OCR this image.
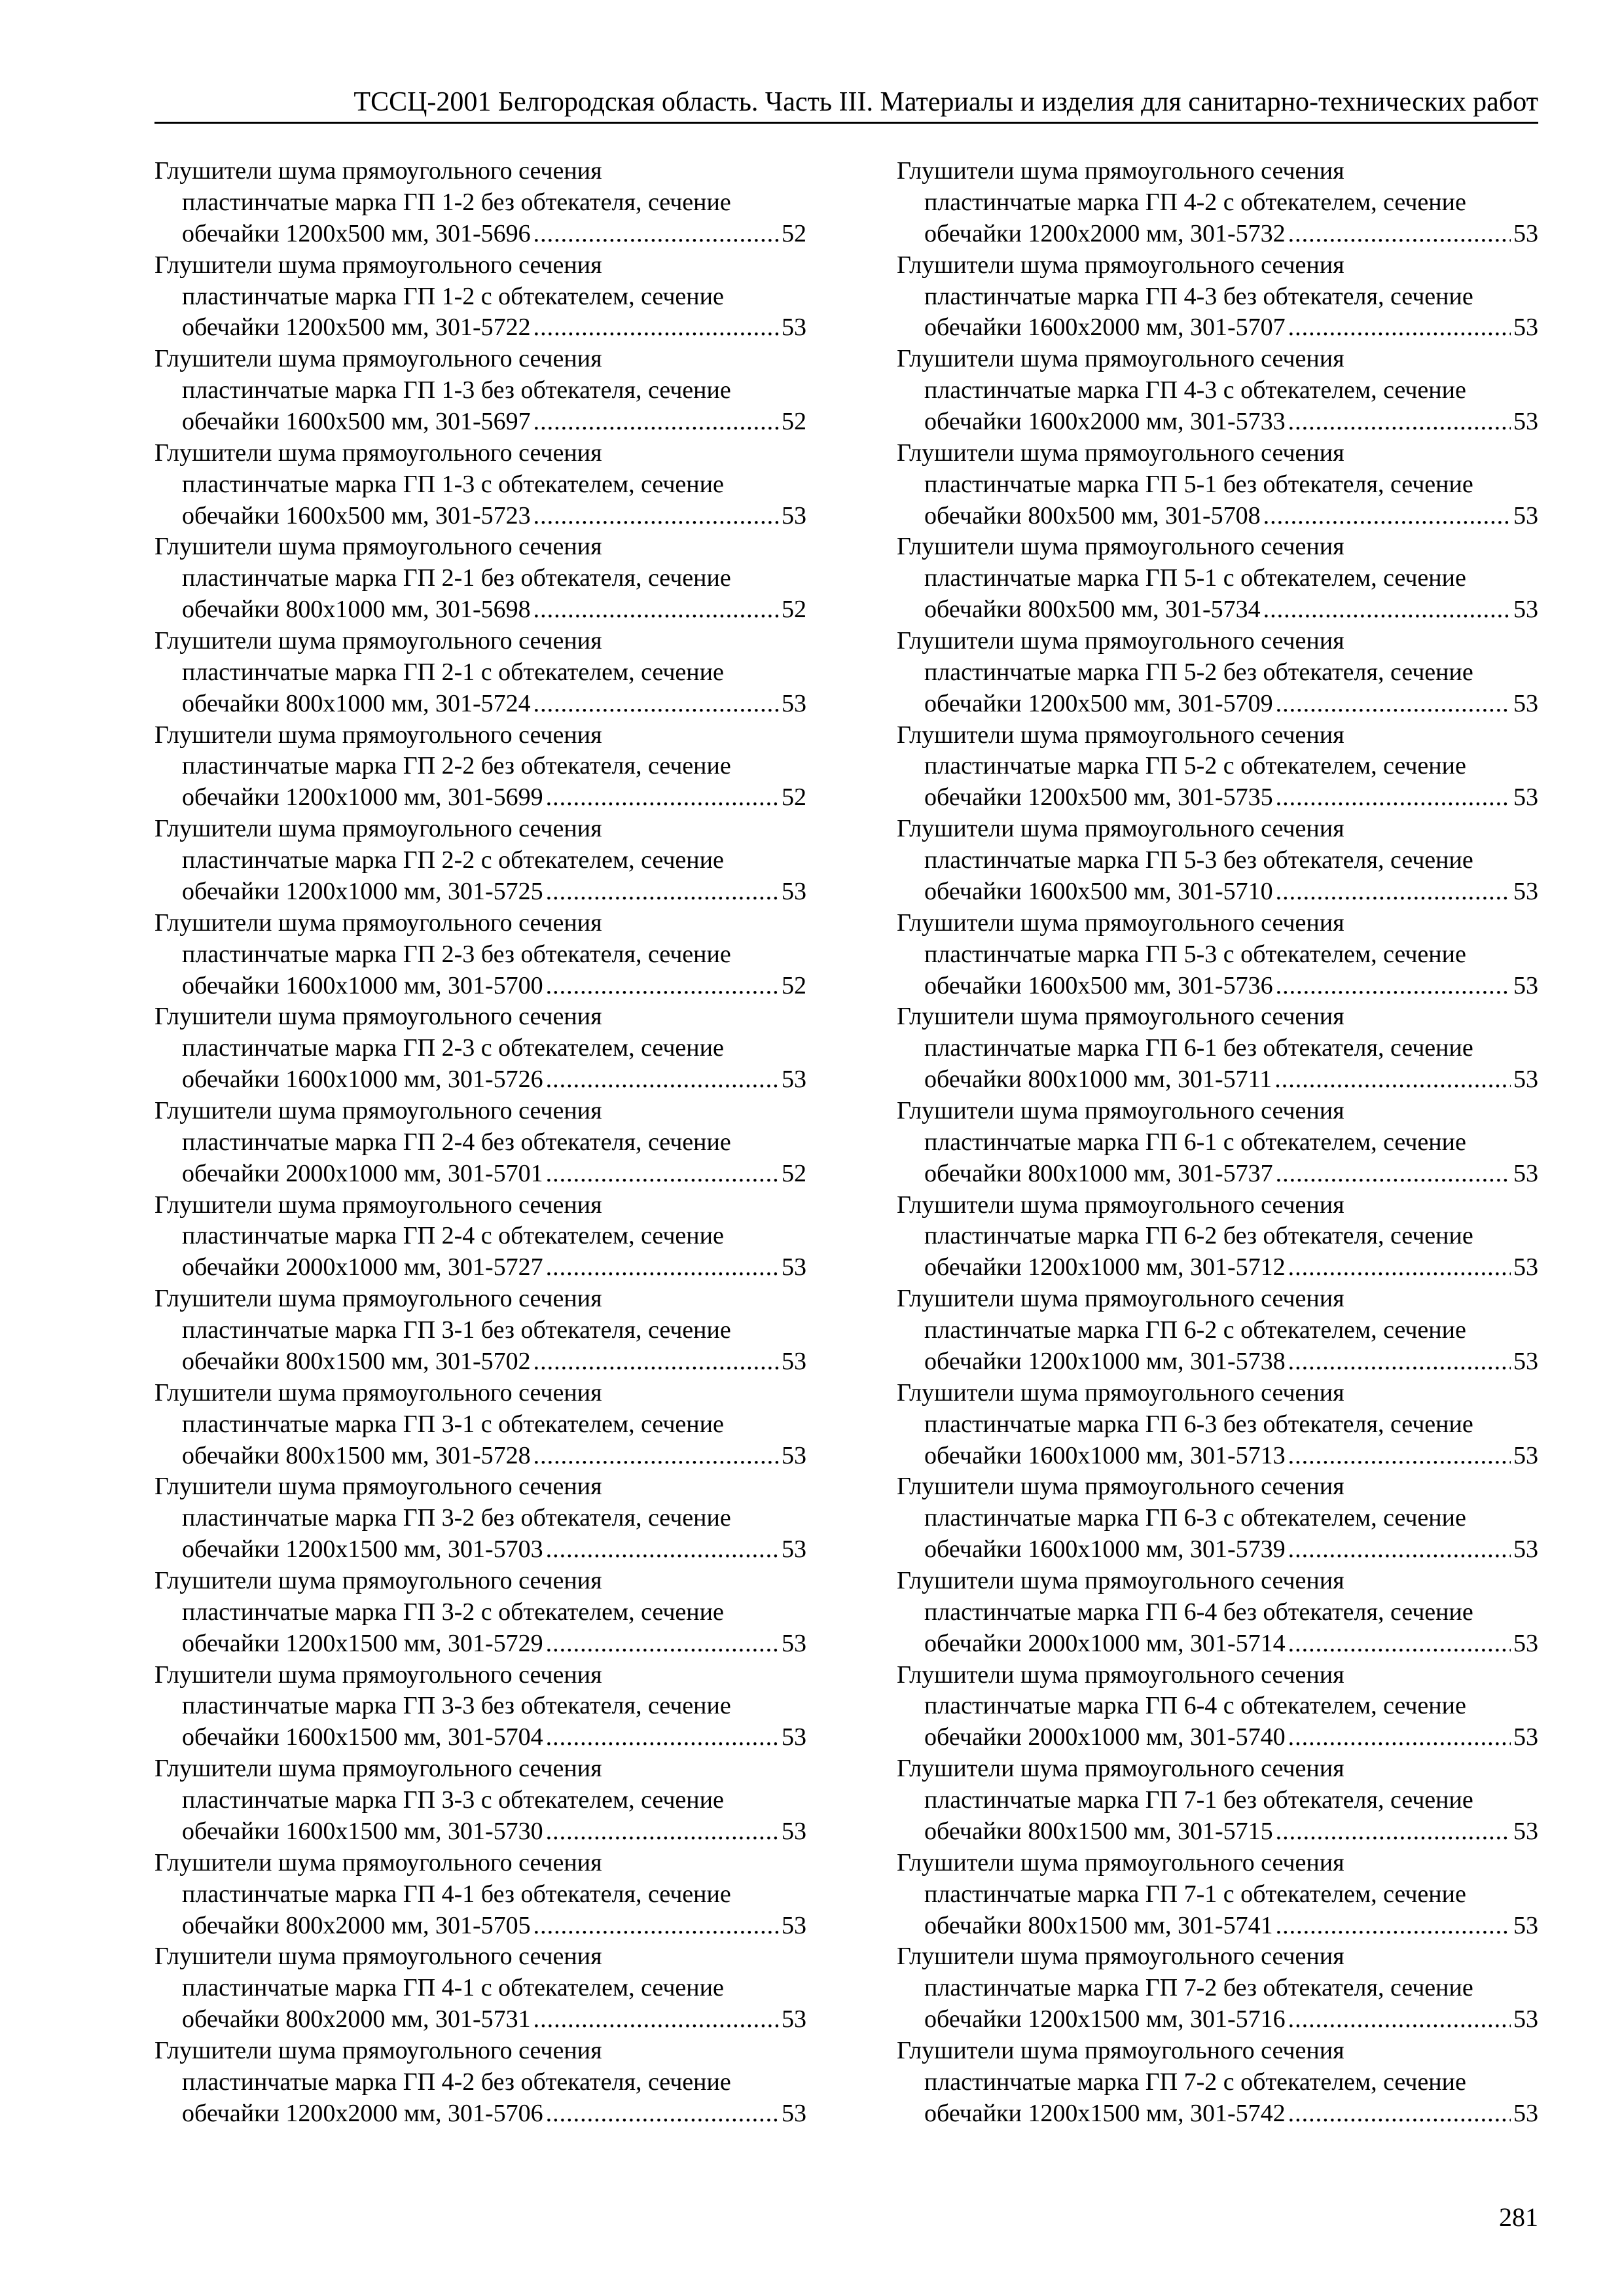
ТССЦ-2001 Белгородская область. Часть III. Материалы и изделия для санитарно-технических работ
Глушители шума прямоугольного сечения
пластинчатые марка ГП 1-2 без обтекателя, сечение
обечайки 1200x500 мм, 301-5696 .....	52
Глушители шума прямоугольного сечения
пластинчатые марка ГП 1-2 с обтекателем, сечение
обечайки 1200x500 мм, 301-5722 .....	53
Глушители шума прямоугольного сечения
пластинчатые марка ГП 1-3 без обтекателя, сечение
обечайки 1600x500 мм, 301-5697 .....	52
Глушители шума прямоугольного сечения
пластинчатые марка ГП 1-3 с обтекателем, сечение
обечайки 1600x500 мм, 301-5723 .....	53
Глушители шума прямоугольного сечения
пластинчатые марка ГП 2-1 без обтекателя, сечение
обечайки 800x1000 мм, 301-5698 .....	52
Глушители шума прямоугольного сечения
пластинчатые марка ГП 2-1 с обтекателем, сечение
обечайки 800x1000 мм, 301-5724 .....	53
Глушители шума прямоугольного сечения
пластинчатые марка ГП 2-2 без обтекателя, сечение
обечайки 1200x1000 мм, 301-5699 .....	52
Глушители шума прямоугольного сечения
пластинчатые марка ГП 2-2 с обтекателем, сечение
обечайки 1200x1000 мм, 301-5725 .....	53
Глушители шума прямоугольного сечения
пластинчатые марка ГП 2-3 без обтекателя, сечение
обечайки 1600x1000 мм, 301-5700 .....	52
Глушители шума прямоугольного сечения
пластинчатые марка ГП 2-3 с обтекателем, сечение
обечайки 1600x1000 мм, 301-5726 .....	53
Глушители шума прямоугольного сечения
пластинчатые марка ГП 2-4 без обтекателя, сечение
обечайки 2000x1000 мм, 301-5701 .....	52
Глушители шума прямоугольного сечения
пластинчатые марка ГП 2-4 с обтекателем, сечение
обечайки 2000x1000 мм, 301-5727 .....	53
Глушители шума прямоугольного сечения
пластинчатые марка ГП 3-1 без обтекателя, сечение
обечайки 800x1500 мм, 301-5702 .....	53
Глушители шума прямоугольного сечения
пластинчатые марка ГП 3-1 с обтекателем, сечение
обечайки 800x1500 мм, 301-5728 .....	53
Глушители шума прямоугольного сечения
пластинчатые марка ГП 3-2 без обтекателя, сечение
обечайки 1200x1500 мм, 301-5703 .....	53
Глушители шума прямоугольного сечения
пластинчатые марка ГП 3-2 с обтекателем, сечение
обечайки 1200x1500 мм, 301-5729 .....	53
Глушители шума прямоугольного сечения
пластинчатые марка ГП 3-3 без обтекателя, сечение
обечайки 1600x1500 мм, 301-5704 .....	53
Глушители шума прямоугольного сечения
пластинчатые марка ГП 3-3 с обтекателем, сечение
обечайки 1600x1500 мм, 301-5730 .....	53
Глушители шума прямоугольного сечения
пластинчатые марка ГП 4-1 без обтекателя, сечение
обечайки 800x2000 мм, 301-5705 .....	53
Глушители шума прямоугольного сечения
пластинчатые марка ГП 4-1 с обтекателем, сечение
обечайки 800x2000 мм, 301-5731 .....	53
Глушители шума прямоугольного сечения
пластинчатые марка ГП 4-2 без обтекателя, сечение
обечайки 1200x2000 мм, 301-5706 .....	53
Глушители шума прямоугольного сечения
пластинчатые марка ГП 4-2 с обтекателем, сечение
обечайки 1200x2000 мм, 301-5732 .....	53
Глушители шума прямоугольного сечения
пластинчатые марка ГП 4-3 без обтекателя, сечение
обечайки 1600x2000 мм, 301-5707 .....	53
Глушители шума прямоугольного сечения
пластинчатые марка ГП 4-3 с обтекателем, сечение
обечайки 1600x2000 мм, 301-5733 .....	53
Глушители шума прямоугольного сечения
пластинчатые марка ГП 5-1 без обтекателя, сечение
обечайки 800x500 мм, 301-5708 .....	53
Глушители шума прямоугольного сечения
пластинчатые марка ГП 5-1 с обтекателем, сечение
обечайки 800x500 мм, 301-5734 .....	53
Глушители шума прямоугольного сечения
пластинчатые марка ГП 5-2 без обтекателя, сечение
обечайки 1200x500 мм, 301-5709 .....	53
Глушители шума прямоугольного сечения
пластинчатые марка ГП 5-2 с обтекателем, сечение
обечайки 1200x500 мм, 301-5735 .....	53
Глушители шума прямоугольного сечения
пластинчатые марка ГП 5-3 без обтекателя, сечение
обечайки 1600x500 мм, 301-5710 .....	53
Глушители шума прямоугольного сечения
пластинчатые марка ГП 5-3 с обтекателем, сечение
обечайки 1600x500 мм, 301-5736 .....	53
Глушители шума прямоугольного сечения
пластинчатые марка ГП 6-1 без обтекателя, сечение
обечайки 800x1000 мм, 301-5711 .....	53
Глушители шума прямоугольного сечения
пластинчатые марка ГП 6-1 с обтекателем, сечение
обечайки 800x1000 мм, 301-5737 .....	53
Глушители шума прямоугольного сечения
пластинчатые марка ГП 6-2 без обтекателя, сечение
обечайки 1200x1000 мм, 301-5712 .....	53
Глушители шума прямоугольного сечения
пластинчатые марка ГП 6-2 с обтекателем, сечение
обечайки 1200x1000 мм, 301-5738 .....	53
Глушители шума прямоугольного сечения
пластинчатые марка ГП 6-3 без обтекателя, сечение
обечайки 1600x1000 мм, 301-5713 .....	53
Глушители шума прямоугольного сечения
пластинчатые марка ГП 6-3 с обтекателем, сечение
обечайки 1600x1000 мм, 301-5739 .....	53
Глушители шума прямоугольного сечения
пластинчатые марка ГП 6-4 без обтекателя, сечение
обечайки 2000x1000 мм, 301-5714 .....	53
Глушители шума прямоугольного сечения
пластинчатые марка ГП 6-4 с обтекателем, сечение
обечайки 2000x1000 мм, 301-5740 .....	53
Глушители шума прямоугольного сечения
пластинчатые марка ГП 7-1 без обтекателя, сечение
обечайки 800x1500 мм, 301-5715 .....	53
Глушители шума прямоугольного сечения
пластинчатые марка ГП 7-1 с обтекателем, сечение
обечайки 800x1500 мм, 301-5741 .....	53
Глушители шума прямоугольного сечения
пластинчатые марка ГП 7-2 без обтекателя, сечение
обечайки 1200x1500 мм, 301-5716 .....	53
Глушители шума прямоугольного сечения
пластинчатые марка ГП 7-2 с обтекателем, сечение
обечайки 1200x1500 мм, 301-5742 .....	53
281
